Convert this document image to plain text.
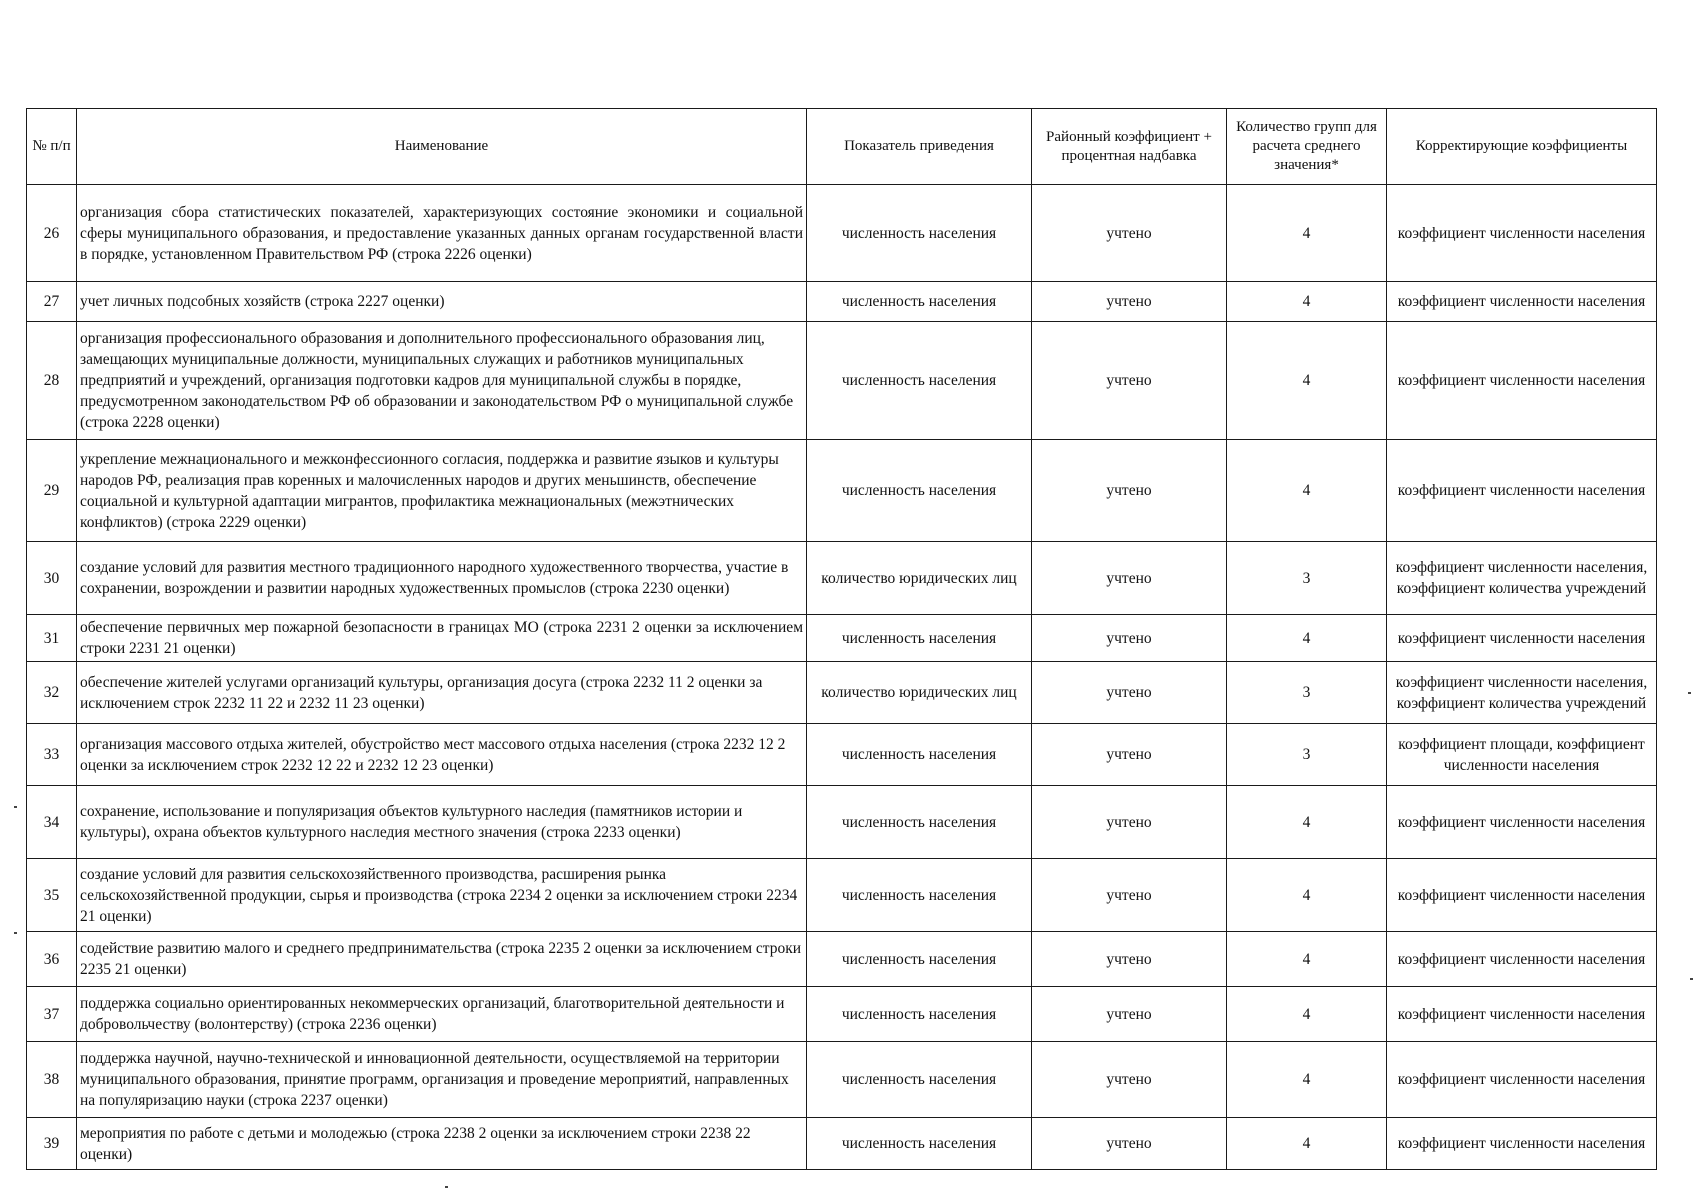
№ п/п	Наименование	Показатель приведения	Районный коэффициент + процентная надбавка	Количество групп для расчета среднего значения*	Корректирующие коэффициенты
26	организация сбора статистических показателей, характеризующих состояние экономики и социальной сферы муниципального образования, и предоставление указанных данных органам государственной власти в порядке, установленном Правительством РФ (строка 2226 оценки)	численность населения	учтено	4	коэффициент численности населения
27	учет личных подсобных хозяйств (строка 2227 оценки)	численность населения	учтено	4	коэффициент численности населения
28	организация профессионального образования и дополнительного профессионального образования лиц, замещающих муниципальные должности, муниципальных служащих и работников муниципальных предприятий и учреждений, организация подготовки кадров для муниципальной службы в порядке, предусмотренном законодательством РФ об образовании и законодательством РФ о муниципальной службе (строка 2228 оценки)	численность населения	учтено	4	коэффициент численности населения
29	укрепление межнационального и межконфессионного согласия, поддержка и развитие языков и культуры народов РФ, реализация прав коренных и малочисленных народов и других меньшинств, обеспечение социальной и культурной адаптации мигрантов, профилактика межнациональных (межэтнических конфликтов) (строка 2229 оценки)	численность населения	учтено	4	коэффициент численности населения
30	создание условий для развития местного традиционного народного художественного творчества, участие в сохранении, возрождении и развитии народных художественных промыслов (строка 2230 оценки)	количество юридических лиц	учтено	3	коэффициент численности населения, коэффициент количества учреждений
31	обеспечение первичных мер пожарной безопасности в границах МО (строка 2231 2 оценки за исключением строки 2231 21 оценки)	численность населения	учтено	4	коэффициент численности населения
32	обеспечение жителей услугами организаций культуры, организация досуга (строка 2232 11 2 оценки за исключением строк 2232 11 22 и 2232 11 23 оценки)	количество юридических лиц	учтено	3	коэффициент численности населения, коэффициент количества учреждений
33	организация массового отдыха жителей, обустройство мест массового отдыха населения (строка 2232 12 2 оценки за исключением строк 2232 12 22 и 2232 12 23 оценки)	численность населения	учтено	3	коэффициент площади, коэффициент численности населения
34	сохранение, использование и популяризация объектов культурного наследия (памятников истории и культуры), охрана объектов культурного наследия местного значения (строка 2233 оценки)	численность населения	учтено	4	коэффициент численности населения
35	создание условий для развития сельскохозяйственного производства, расширения рынка сельскохозяйственной продукции, сырья и производства (строка 2234 2 оценки за исключением строки 2234 21 оценки)	численность населения	учтено	4	коэффициент численности населения
36	содействие развитию малого и среднего предпринимательства (строка 2235 2 оценки за исключением строки 2235 21 оценки)	численность населения	учтено	4	коэффициент численности населения
37	поддержка социально ориентированных некоммерческих организаций, благотворительной деятельности и добровольчеству (волонтерству) (строка 2236 оценки)	численность населения	учтено	4	коэффициент численности населения
38	поддержка научной, научно-технической и инновационной деятельности, осуществляемой на территории муниципального образования, принятие программ, организация и проведение мероприятий, направленных на популяризацию науки (строка 2237 оценки)	численность населения	учтено	4	коэффициент численности населения
39	мероприятия по работе с детьми и молодежью (строка 2238 2 оценки за исключением строки 2238 22 оценки)	численность населения	учтено	4	коэффициент численности населения
